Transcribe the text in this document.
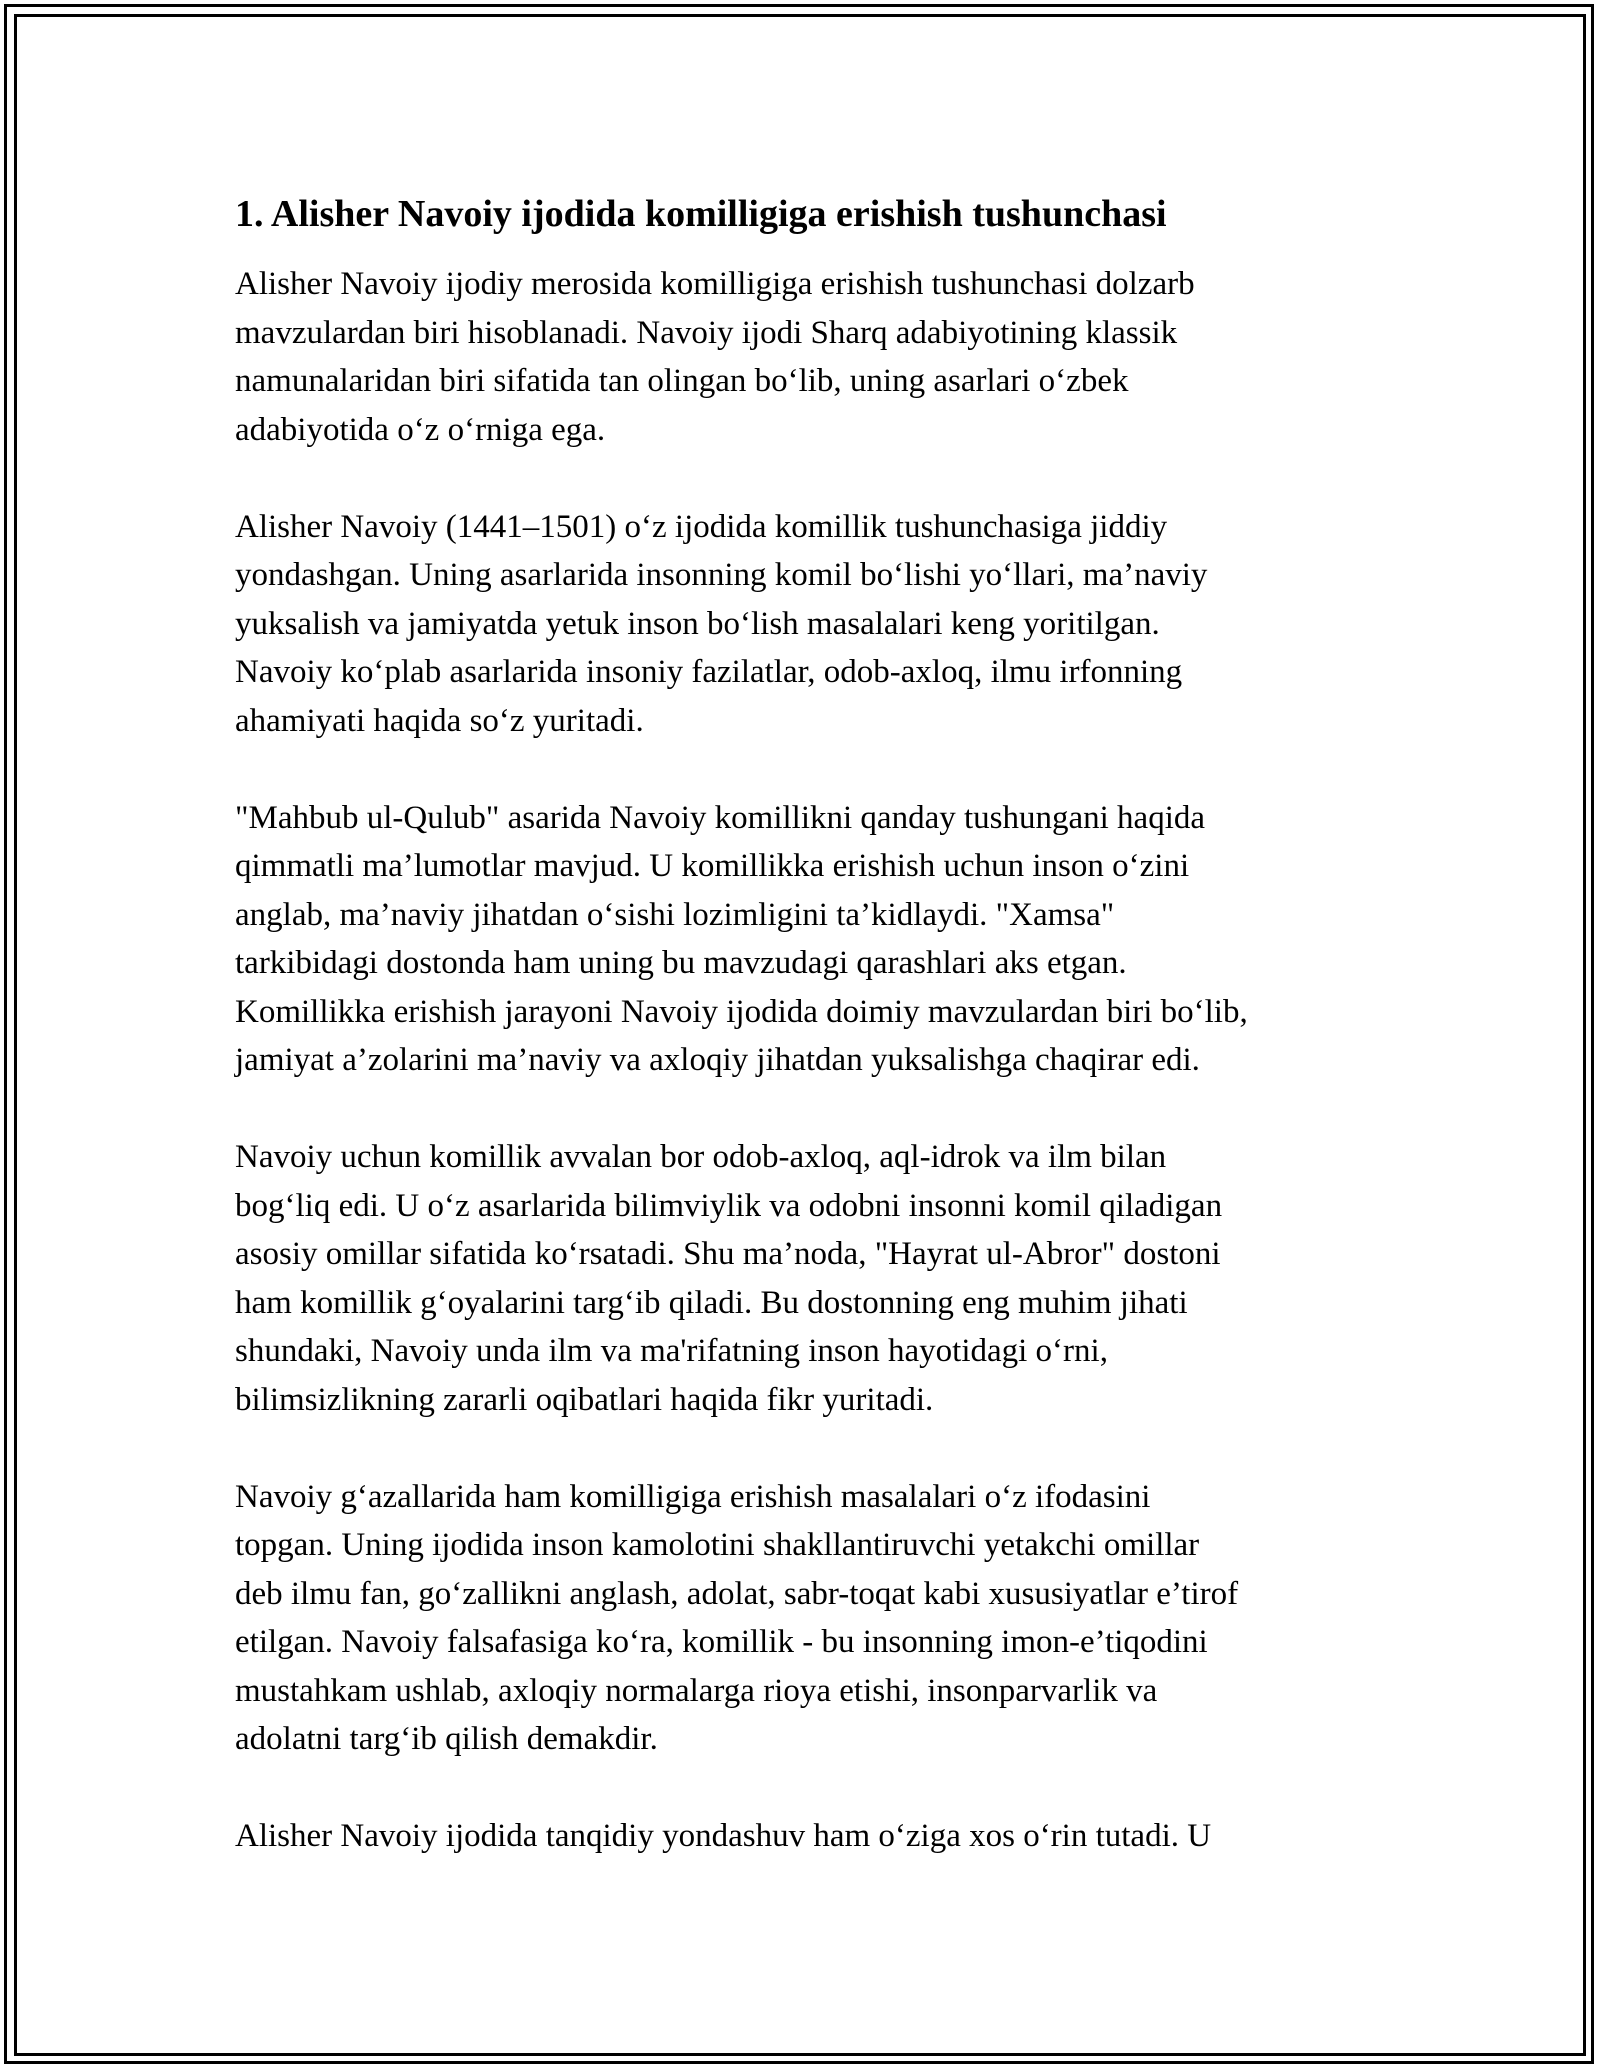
1. Alisher Navoiy ijodida komilligiga erishish tushunchasi

Alisher Navoiy ijodiy merosida komilligiga erishish tushunchasi dolzarb
mavzulardan biri hisoblanadi. Navoiy ijodi Sharq adabiyotining klassik
namunalaridan biri sifatida tan olingan bo‘lib, uning asarlari o‘zbek
adabiyotida o‘z o‘rniga ega.

Alisher Navoiy (1441–1501) o‘z ijodida komillik tushunchasiga jiddiy
yondashgan. Uning asarlarida insonning komil bo‘lishi yo‘llari, ma’naviy
yuksalish va jamiyatda yetuk inson bo‘lish masalalari keng yoritilgan.
Navoiy ko‘plab asarlarida insoniy fazilatlar, odob-axloq, ilmu irfonning
ahamiyati haqida so‘z yuritadi.

"Mahbub ul-Qulub" asarida Navoiy komillikni qanday tushungani haqida
qimmatli ma’lumotlar mavjud. U komillikka erishish uchun inson o‘zini
anglab, ma’naviy jihatdan o‘sishi lozimligini ta’kidlaydi. "Xamsa"
tarkibidagi dostonda ham uning bu mavzudagi qarashlari aks etgan.
Komillikka erishish jarayoni Navoiy ijodida doimiy mavzulardan biri bo‘lib,
jamiyat a’zolarini ma’naviy va axloqiy jihatdan yuksalishga chaqirar edi.

Navoiy uchun komillik avvalan bor odob-axloq, aql-idrok va ilm bilan
bog‘liq edi. U o‘z asarlarida bilimviylik va odobni insonni komil qiladigan
asosiy omillar sifatida ko‘rsatadi. Shu ma’noda, "Hayrat ul-Abror" dostoni
ham komillik g‘oyalarini targ‘ib qiladi. Bu dostonning eng muhim jihati
shundaki, Navoiy unda ilm va ma'rifatning inson hayotidagi o‘rni,
bilimsizlikning zararli oqibatlari haqida fikr yuritadi.

Navoiy g‘azallarida ham komilligiga erishish masalalari o‘z ifodasini
topgan. Uning ijodida inson kamolotini shakllantiruvchi yetakchi omillar
deb ilmu fan, go‘zallikni anglash, adolat, sabr-toqat kabi xususiyatlar e’tirof
etilgan. Navoiy falsafasiga ko‘ra, komillik - bu insonning imon-e’tiqodini
mustahkam ushlab, axloqiy normalarga rioya etishi, insonparvarlik va
adolatni targ‘ib qilish demakdir.

Alisher Navoiy ijodida tanqidiy yondashuv ham o‘ziga xos o‘rin tutadi. U
